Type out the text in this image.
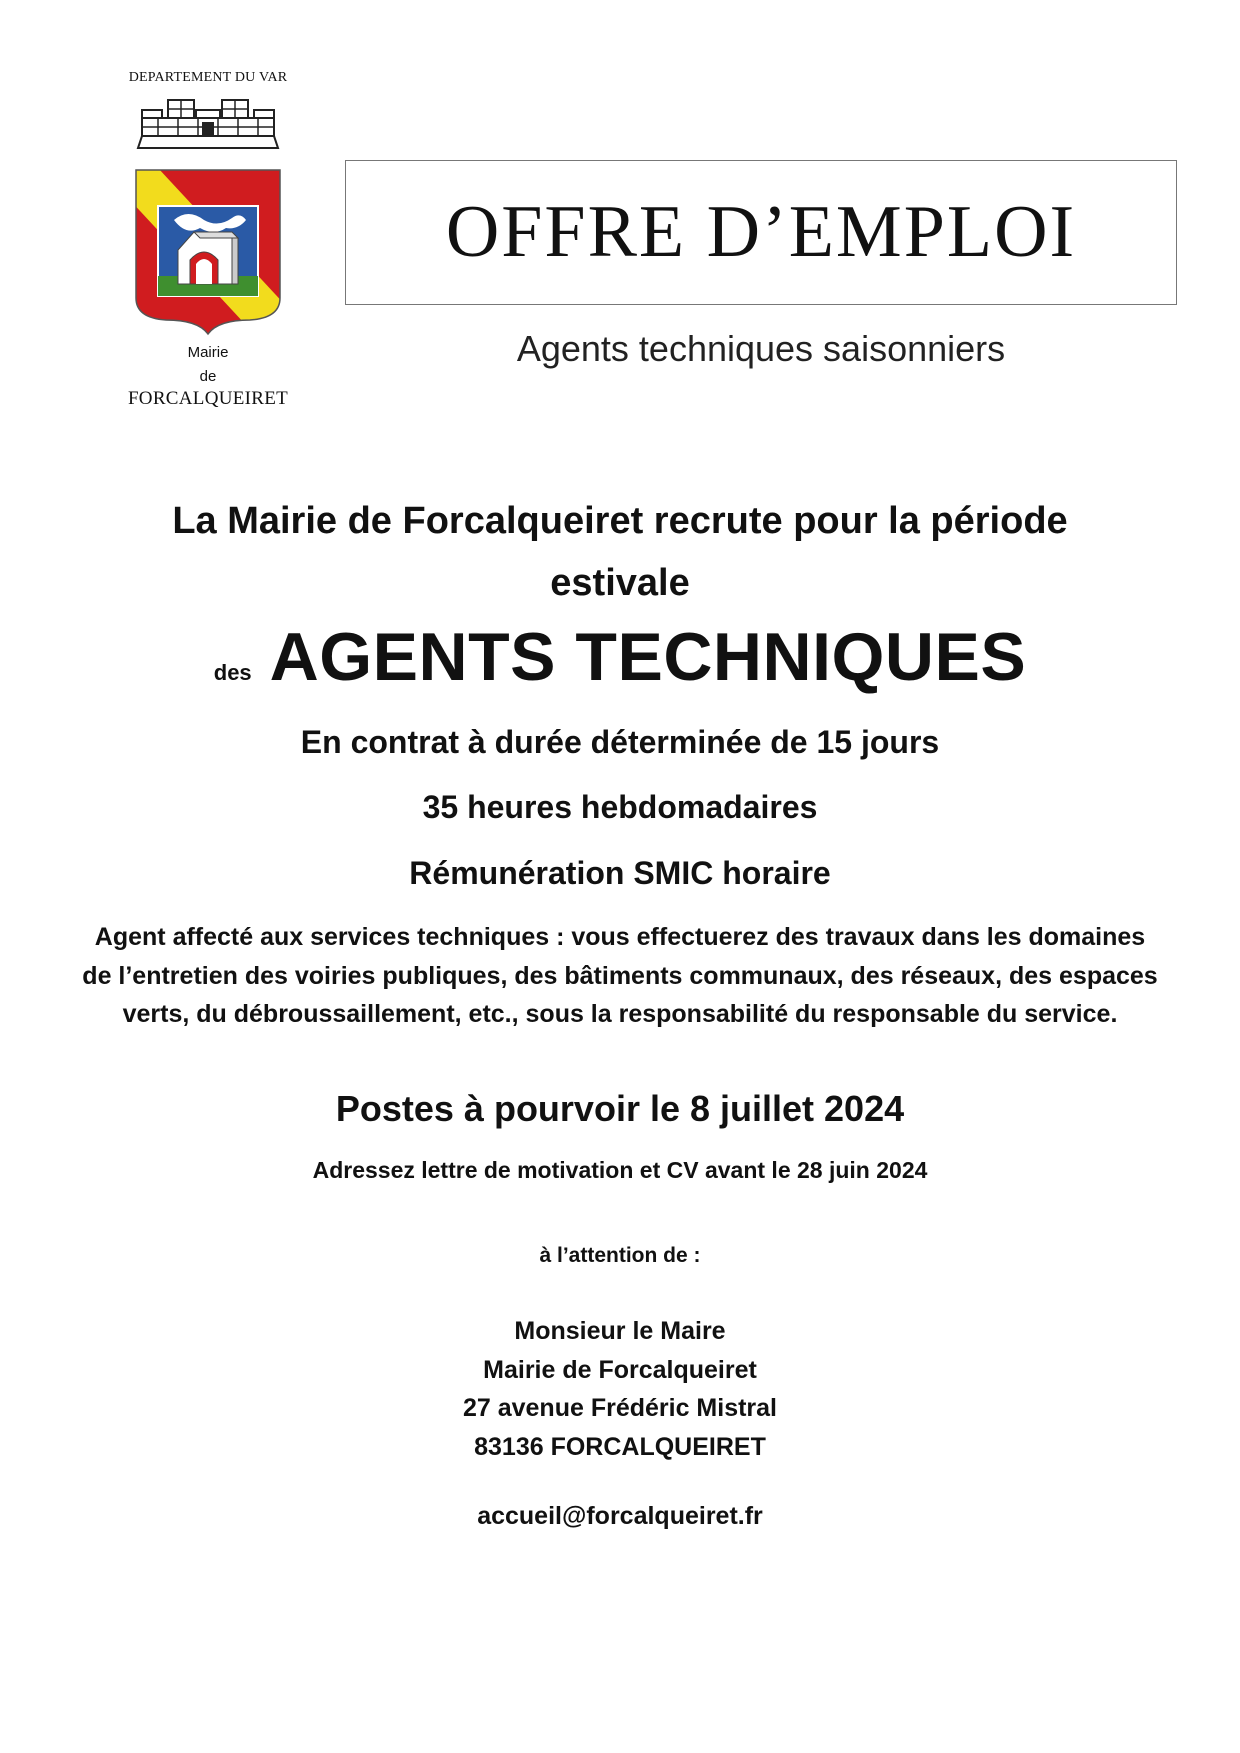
DEPARTEMENT DU VAR
Mairie
de
FORCALQUEIRET
OFFRE D’EMPLOI
Agents techniques saisonniers
La Mairie de Forcalqueiret recrute pour la période
estivale
des AGENTS TECHNIQUES
En contrat à durée déterminée de 15 jours
35 heures hebdomadaires
Rémunération SMIC horaire
Agent affecté aux services techniques : vous effectuerez des travaux dans les domaines
de l’entretien des voiries publiques, des bâtiments communaux, des réseaux, des espaces
verts, du débroussaillement, etc., sous la responsabilité du responsable du service.
Postes à pourvoir le 8 juillet 2024
Adressez lettre de motivation et CV avant le 28 juin 2024
à l’attention de :
Monsieur le Maire
Mairie de Forcalqueiret
27 avenue Frédéric Mistral
83136 FORCALQUEIRET
accueil@forcalqueiret.fr
